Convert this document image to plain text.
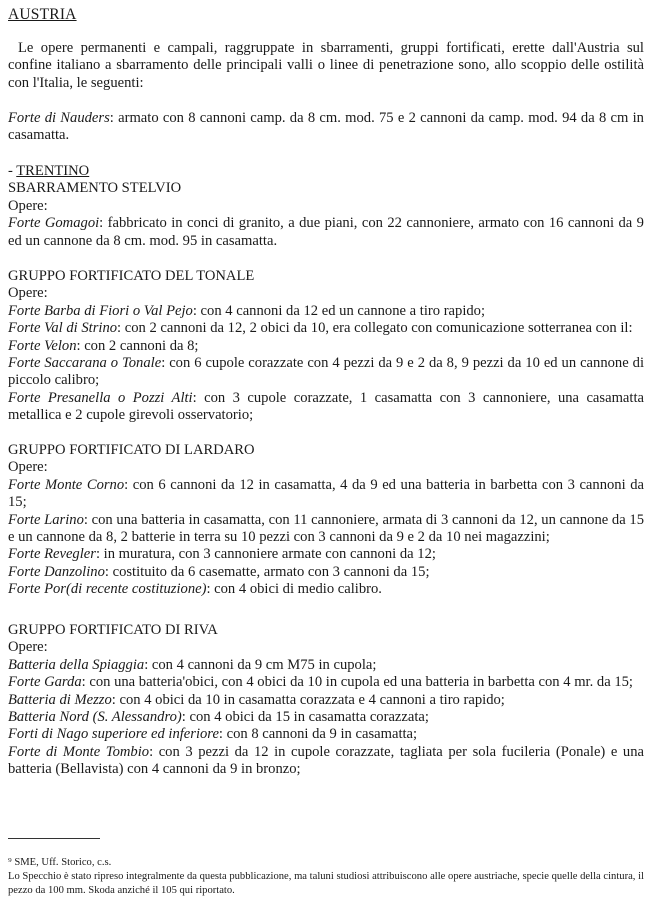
AUSTRIA
Le opere permanenti e campali, raggruppate in sbarramenti, gruppi fortificati, erette dall'Austria sul confine italiano a sbarramento delle principali valli o linee di penetrazione sono, allo scoppio delle ostilità con l'Italia, le seguenti:
Forte di Nauders: armato con 8 cannoni camp. da 8 cm. mod. 75 e 2 cannoni da camp. mod. 94 da 8 cm in casamatta.
- TRENTINO
SBARRAMENTO STELVIO
Opere:
Forte Gomagoi: fabbricato in conci di granito, a due piani, con 22 cannoniere, armato con 16 cannoni da 9 ed un cannone da 8 cm. mod. 95 in casamatta.
GRUPPO FORTIFICATO DEL TONALE
Opere:
Forte Barba di Fiori o Val Pejo: con 4 cannoni da 12 ed un cannone a tiro rapido;
Forte Val di Strino: con 2 cannoni da 12, 2 obici da 10, era collegato con comunicazione sotterranea con il:
Forte Velon: con 2 cannoni da 8;
Forte Saccarana o Tonale: con 6 cupole corazzate con 4 pezzi da 9 e 2 da 8, 9 pezzi da 10 ed un cannone di piccolo calibro;
Forte Presanella o Pozzi Alti: con 3 cupole corazzate, 1 casamatta con 3 cannoniere, una casamatta metallica e 2 cupole girevoli osservatorio;
GRUPPO FORTIFICATO DI LARDARO
Opere:
Forte Monte Corno: con 6 cannoni da 12 in casamatta, 4 da 9 ed una batteria in barbetta con 3 cannoni da 15;
Forte Larino: con una batteria in casamatta, con 11 cannoniere, armata di 3 cannoni da 12, un cannone da 15 e un cannone da 8, 2 batterie in terra su 10 pezzi con 3 cannoni da 9 e 2 da 10 nei magazzini;
Forte Revegler: in muratura, con 3 cannoniere armate con cannoni da 12;
Forte Danzolino: costituito da 6 casematte, armato con 3 cannoni da 15;
Forte Por(di recente costituzione): con 4 obici di medio calibro.
GRUPPO FORTIFICATO DI RIVA
Opere:
Batteria della Spiaggia: con 4 cannoni da 9 cm M75 in cupola;
Forte Garda: con una batteria'obici, con 4 obici da 10 in cupola ed una batteria in barbetta con 4 mr. da 15;
Batteria di Mezzo: con 4 obici da 10 in casamatta corazzata e 4 cannoni a tiro rapido;
Batteria Nord (S. Alessandro): con 4 obici da 15 in casamatta corazzata;
Forti di Nago superiore ed inferiore: con 8 cannoni da 9 in casamatta;
Forte di Monte Tombio: con 3 pezzi da 12 in cupole corazzate, tagliata per sola fucileria (Ponale) e una batteria (Bellavista) con 4 cannoni da 9 in bronzo;
⁹ SME, Uff. Storico, c.s.
Lo Specchio è stato ripreso integralmente da questa pubblicazione, ma taluni studiosi attribuiscono alle opere austriache, specie quelle della cintura, il pezzo da 100 mm. Skoda anziché il 105 qui riportato.
